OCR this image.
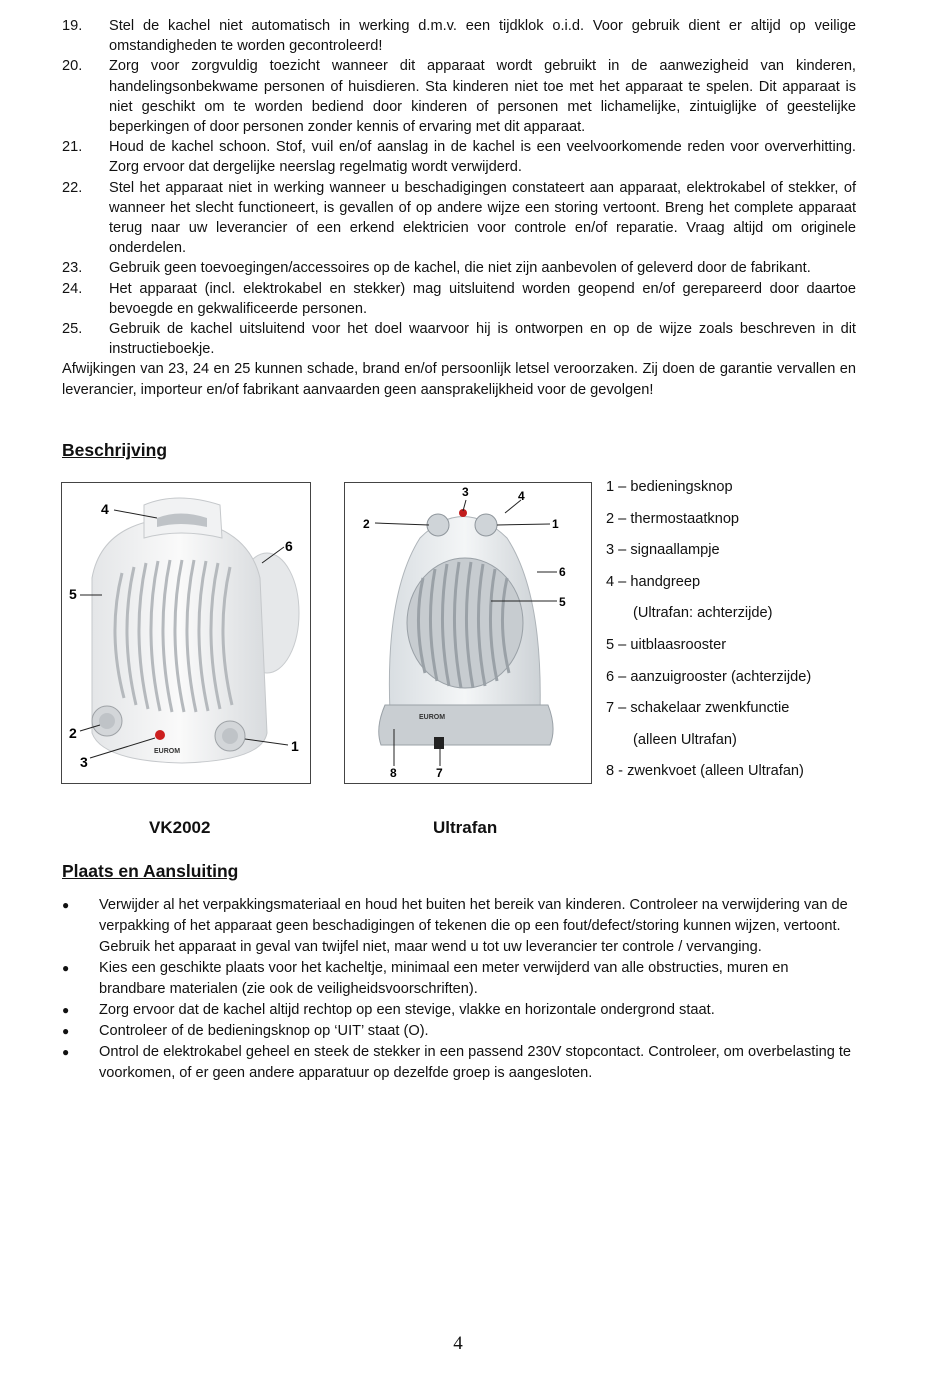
19.	Stel de kachel niet automatisch in werking d.m.v. een tijdklok o.i.d. Voor gebruik dient er altijd op veilige omstandigheden te worden gecontroleerd!
20.	Zorg voor zorgvuldig toezicht wanneer dit apparaat wordt gebruikt in de aanwezigheid van kinderen, handelingsonbekwame personen of huisdieren. Sta kinderen niet toe met het apparaat te spelen. Dit apparaat is niet geschikt om te worden bediend door kinderen of personen met lichamelijke, zintuiglijke of geestelijke beperkingen of door personen zonder kennis of ervaring met dit apparaat.
21.	Houd de kachel schoon. Stof, vuil en/of aanslag in de kachel is een veelvoorkomende reden voor oververhitting. Zorg ervoor dat dergelijke neerslag regelmatig wordt verwijderd.
22.	Stel het apparaat niet in werking wanneer u beschadigingen constateert aan apparaat, elektrokabel of stekker, of wanneer het slecht functioneert, is gevallen of op andere wijze een storing vertoont. Breng het complete apparaat terug naar uw leverancier of een erkend elektricien voor controle en/of reparatie. Vraag altijd om originele onderdelen.
23.	Gebruik geen toevoegingen/accessoires op de kachel, die niet zijn aanbevolen of geleverd door de fabrikant.
24.	Het apparaat (incl. elektrokabel en stekker) mag uitsluitend worden geopend en/of gerepareerd door daartoe bevoegde en gekwalificeerde personen.
25.	Gebruik de kachel uitsluitend voor het doel waarvoor hij is ontworpen en op de wijze zoals beschreven in dit instructieboekje.

Afwijkingen van 23, 24 en 25 kunnen schade, brand en/of persoonlijk letsel veroorzaken. Zij doen de garantie vervallen en leverancier, importeur en/of fabrikant aanvaarden geen aansprakelijkheid voor de gevolgen!

Beschrijving
EUROM
4
6
5
2
1
3
EUROM
3	4
2	1
6
5
8	7
1 – bedieningsknop
2 – thermostaatknop
3 – signaallampje
4 – handgreep
(Ultrafan: achterzijde)
5 – uitblaasrooster
6 – aanzuigrooster (achterzijde)
7 – schakelaar zwenkfunctie
(alleen Ultrafan)
8 - zwenkvoet (alleen Ultrafan)
VK2002	Ultrafan
Plaats en Aansluiting
●	Verwijder al het verpakkingsmateriaal en houd het buiten het bereik van kinderen. Controleer na verwijdering van de verpakking of het apparaat geen beschadigingen of tekenen die op een fout/defect/storing kunnen wijzen, vertoont. Gebruik het apparaat in geval van twijfel niet, maar wend u tot uw leverancier ter controle / vervanging.
●	Kies een geschikte plaats voor het kacheltje, minimaal een meter verwijderd van alle obstructies, muren en brandbare materialen (zie ook de veiligheidsvoorschriften).
●	Zorg ervoor dat de kachel altijd rechtop op een stevige, vlakke en horizontale ondergrond staat.
●	Controleer of de bedieningsknop op ‘UIT’ staat (O).
●	Ontrol de elektrokabel geheel en steek de stekker in een passend 230V stopcontact. Controleer, om overbelasting te voorkomen, of er geen andere apparatuur op dezelfde groep is aangesloten.
4
